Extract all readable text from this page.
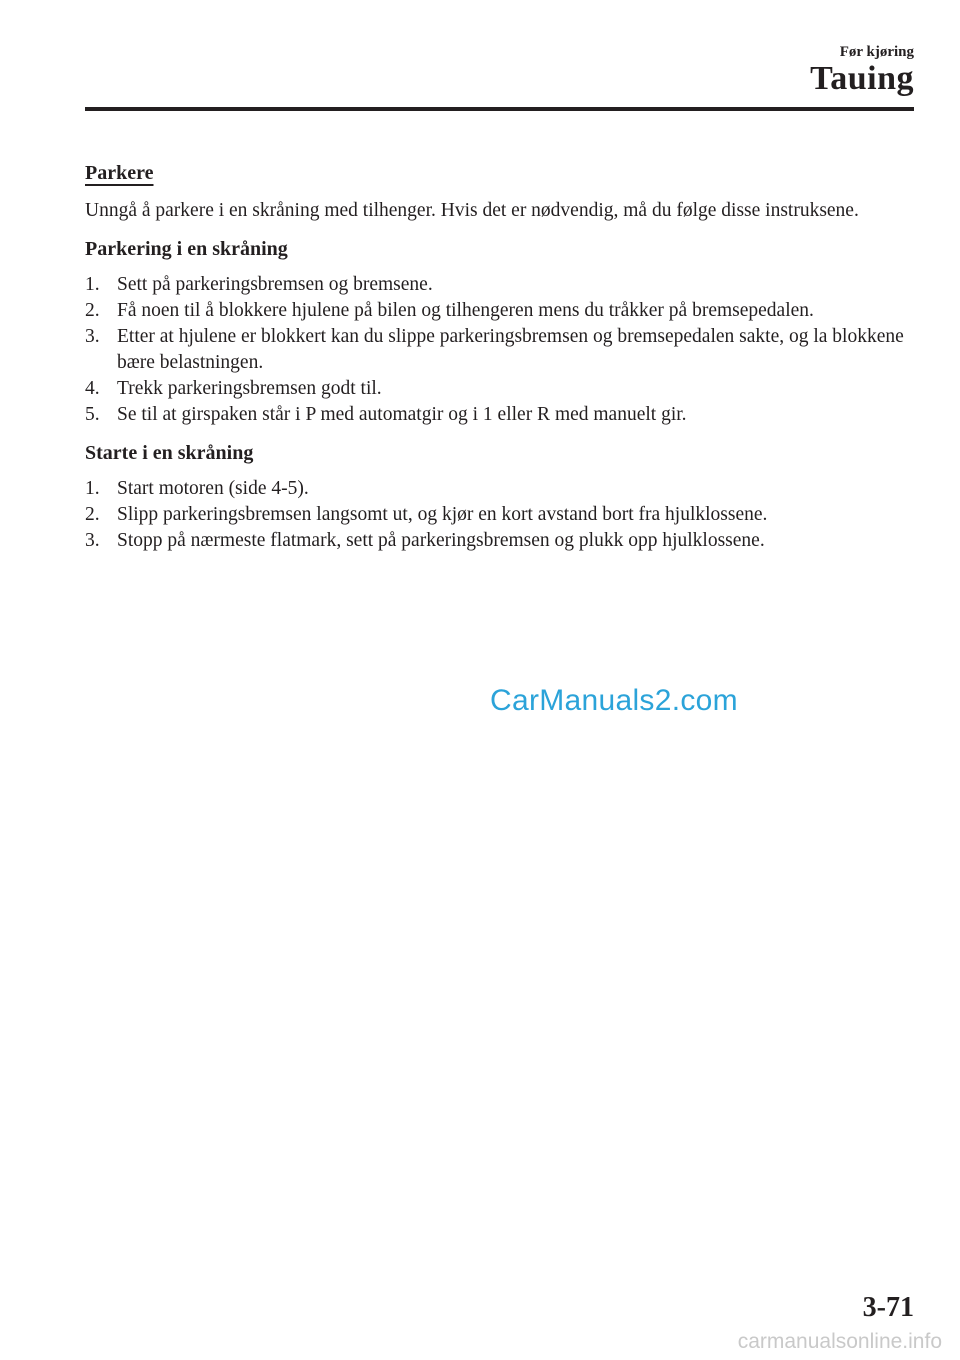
Før kjøring
Tauing
Parkere
Unngå å parkere i en skråning med tilhenger. Hvis det er nødvendig, må du følge disse instruksene.
Parkering i en skråning
1. Sett på parkeringsbremsen og bremsene.
2. Få noen til å blokkere hjulene på bilen og tilhengeren mens du tråkker på bremsepedalen.
3. Etter at hjulene er blokkert kan du slippe parkeringsbremsen og bremsepedalen sakte, og la blokkene bære belastningen.
4. Trekk parkeringsbremsen godt til.
5. Se til at girspaken står i P med automatgir og i 1 eller R med manuelt gir.
Starte i en skråning
1. Start motoren (side 4-5).
2. Slipp parkeringsbremsen langsomt ut, og kjør en kort avstand bort fra hjulklossene.
3. Stopp på nærmeste flatmark, sett på parkeringsbremsen og plukk opp hjulklossene.
CarManuals2.com
3-71
carmanualsonline.info
